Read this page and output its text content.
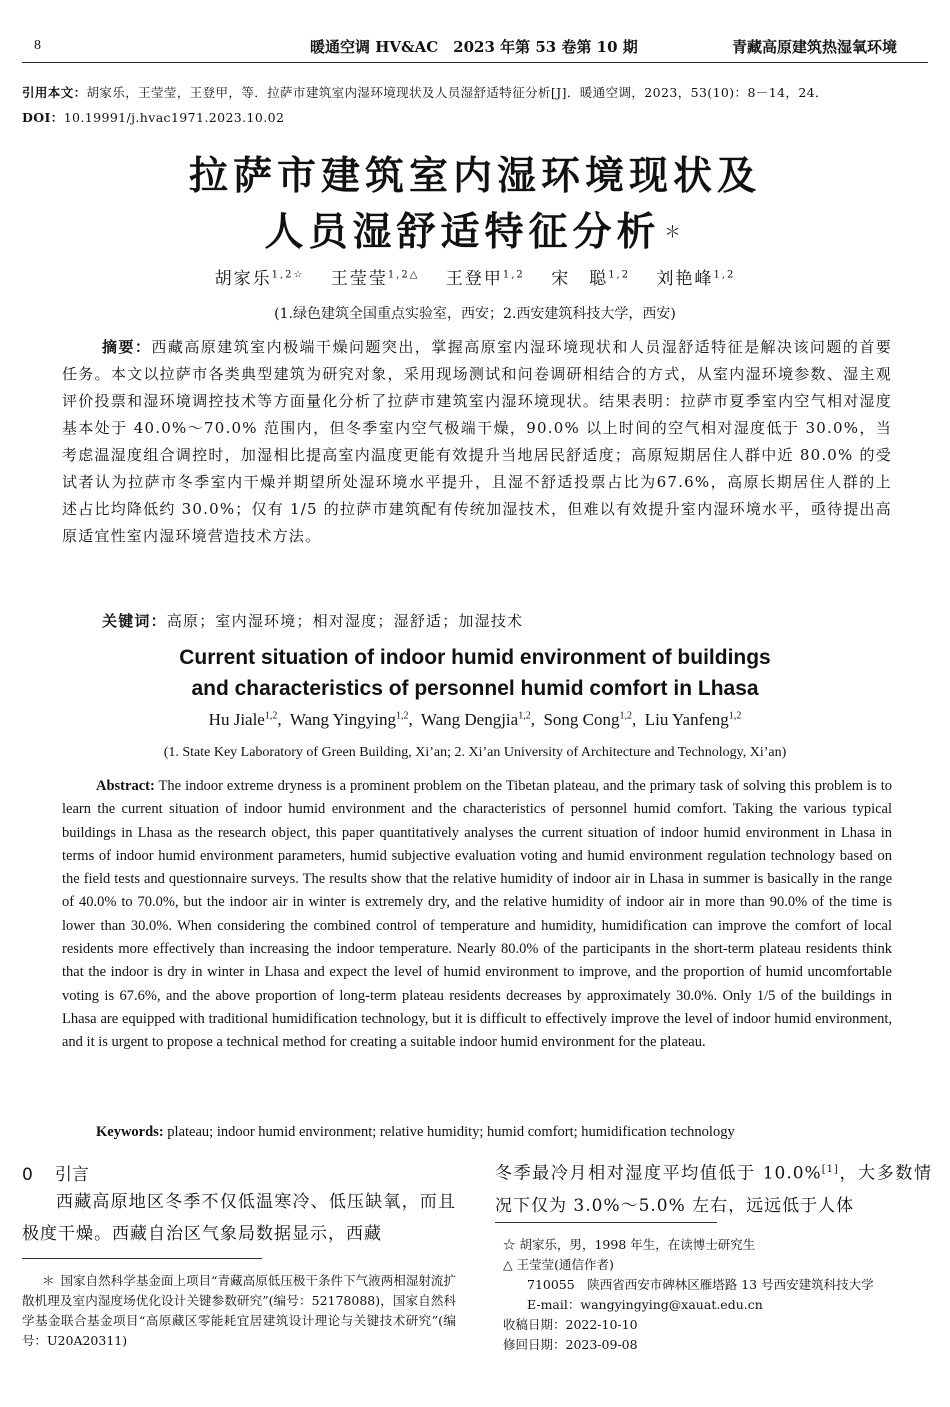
8	暖通空调 HV&AC　2023 年第 53 卷第 10 期	青藏高原建筑热湿氧环境
引用本文：胡家乐，王莹莹，王登甲，等．拉萨市建筑室内湿环境现状及人员湿舒适特征分析[J]．暖通空调，2023，53(10)：8－14，24．
DOI：10.19991/j.hvac1971.2023.10.02
拉萨市建筑室内湿环境现状及
人员湿舒适特征分析 ＊
胡家乐$^{1,2☆}$  王莹莹$^{1,2\triangle}$  王登甲$^{1,2}$  宋　聪$^{1,2}$  刘艳峰$^{1,2}$
(1.绿色建筑全国重点实验室，西安；2.西安建筑科技大学，西安)
摘要：西藏高原建筑室内极端干燥问题突出，掌握高原室内湿环境现状和人员湿舒适特征是解决该问题的首要任务。本文以拉萨市各类典型建筑为研究对象，采用现场测试和问卷调研相结合的方式，从室内湿环境参数、湿主观评价投票和湿环境调控技术等方面量化分析了拉萨市建筑室内湿环境现状。结果表明：拉萨市夏季室内空气相对湿度基本处于 40.0%～70.0% 范围内，但冬季室内空气极端干燥，90.0% 以上时间的空气相对湿度低于 30.0%，当考虑温湿度组合调控时，加湿相比提高室内温度更能有效提升当地居民舒适度；高原短期居住人群中近 80.0% 的受试者认为拉萨市冬季室内干燥并期望所处湿环境水平提升，且湿不舒适投票占比为67.6%，高原长期居住人群的上述占比均降低约 30.0%；仅有 1/5 的拉萨市建筑配有传统加湿技术，但难以有效提升室内湿环境水平，亟待提出高原适宜性室内湿环境营造技术方法。
关键词：高原；室内湿环境；相对湿度；湿舒适；加湿技术
Current situation of indoor humid environment of buildings
and characteristics of personnel humid comfort in Lhasa
Hu Jiale$^{1,2}$,  Wang Yingying$^{1,2}$,  Wang Dengjia$^{1,2}$,  Song Cong$^{1,2}$,  Liu Yanfeng$^{1,2}$
(1. State Key Laboratory of Green Building, Xi’an; 2. Xi’an University of Architecture and Technology, Xi’an)
Abstract: The indoor extreme dryness is a prominent problem on the Tibetan plateau, and the primary task of solving this problem is to learn the current situation of indoor humid environment and the characteristics of personnel humid comfort. Taking the various typical buildings in Lhasa as the research object, this paper quantitatively analyses the current situation of indoor humid environment in Lhasa in terms of indoor humid environment parameters, humid subjective evaluation voting and humid environment regulation technology based on the field tests and questionnaire surveys. The results show that the relative humidity of indoor air in Lhasa in summer is basically in the range of 40.0% to 70.0%, but the indoor air in winter is extremely dry, and the relative humidity of indoor air in more than 90.0% of the time is lower than 30.0%. When considering the combined control of temperature and humidity, humidification can improve the comfort of local residents more effectively than increasing the indoor temperature. Nearly 80.0% of the participants in the short-term plateau residents think that the indoor is dry in winter in Lhasa and expect the level of humid environment to improve, and the proportion of humid uncomfortable voting is 67.6%, and the above proportion of long-term plateau residents decreases by approximately 30.0%. Only 1/5 of the buildings in Lhasa are equipped with traditional humidification technology, but it is difficult to effectively improve the level of indoor humid environment, and it is urgent to propose a technical method for creating a suitable indoor humid environment for the plateau.
Keywords: plateau; indoor humid environment; relative humidity; humid comfort; humidification technology
0 引言
西藏高原地区冬季不仅低温寒冷、低压缺氧，而且极度干燥。西藏自治区气象局数据显示，西藏
冬季最冷月相对湿度平均值低于 10.0%[1]，大多数情况下仅为 3.0%～5.0% 左右，远远低于人体
＊ 国家自然科学基金面上项目“青藏高原低压极干条件下气液两相湿射流扩散机理及室内湿度场优化设计关键参数研究”(编号：52178088)，国家自然科学基金联合基金项目“高原藏区零能耗宜居建筑设计理论与关键技术研究”(编号：U20A20311)
☆ 胡家乐，男，1998 年生，在读博士研究生
△ 王莹莹(通信作者)
710055　陕西省西安市碑林区雁塔路 13 号西安建筑科技大学
E-mail：wangyingying@xauat.edu.cn
收稿日期：2022-10-10
修回日期：2023-09-08
